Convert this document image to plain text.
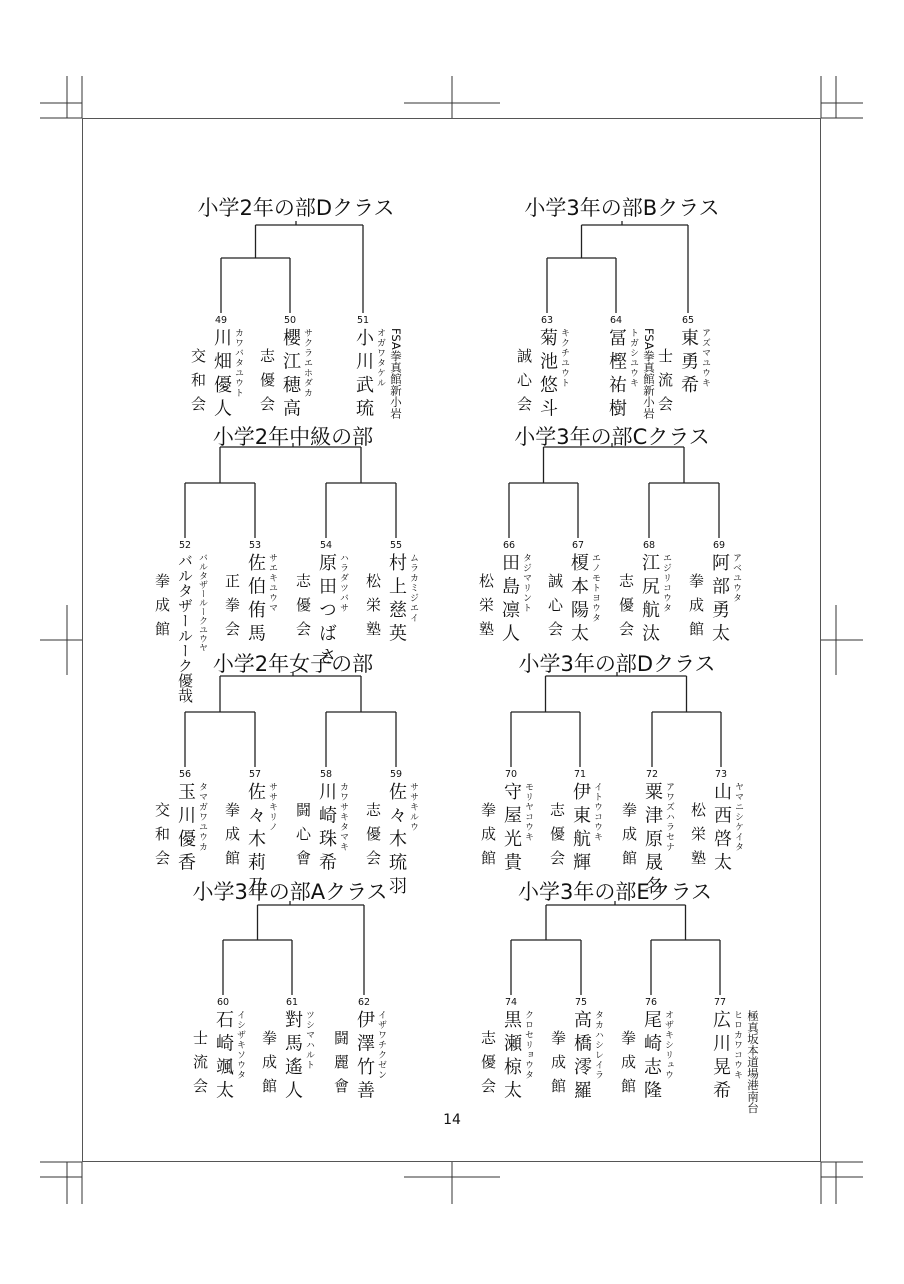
小学2年の部Dクラス
49
川畑優人 カワバタユウト
交和会
50
櫻江穂高 サクラエホダカ
志優会
51
小川武琉 オガワタケル FSA拳真館新小岩
小学3年の部Bクラス
63
菊池悠斗 キクチユウト
誠心会
64
冨樫祐樹 トガシユウキ FSA拳真館新小岩
65
東勇希 アズマユウキ
士流会
小学2年中級の部
52
バルタザールーク優哉 バルタザールークユウヤ
拳成館
53
佐伯侑馬 サエキユウマ
正拳会
54
原田つばさ ハラダツバサ
志優会
55
村上慈英 ムラカミジエイ
松栄塾
小学3年の部Cクラス
66
田島凛人 タジマリント
松栄塾
67
榎本陽太 エノモトヨウタ
誠心会
68
江尻航汰 エジリコウタ
志優会
69
阿部勇太 アベユウタ
拳成館
小学2年女子の部
56
玉川優香 タマガワユウカ
交和会
57
佐々木莉乃 ササキリノ
拳成館
58
川崎珠希 カワサキタマキ
闘心會
59
佐々木琉羽 ササキルウ
志優会
小学3年の部Dクラス
70
守屋光貴 モリヤコウキ
拳成館
71
伊東航輝 イトウコウキ
志優会
72
粟津原晟名 アワズハラセナ
拳成館
73
山西啓太 ヤマニシケイタ
松栄塾
小学3年の部Aクラス
60
石崎颯太 イシザキソウタ
士流会
61
對馬遙人 ツシマハルト
拳成館
62
伊澤竹善 イザワチクゼン
闘麗會
小学3年の部Eクラス
74
黒瀬椋太 クロセリョウタ
志優会
75
高橋澪羅 タカハシレイラ
拳成館
76
尾崎志隆 オザキシリュウ
拳成館
77
広川晃希 ヒロカワコウキ 極真坂本道場港南台
14
